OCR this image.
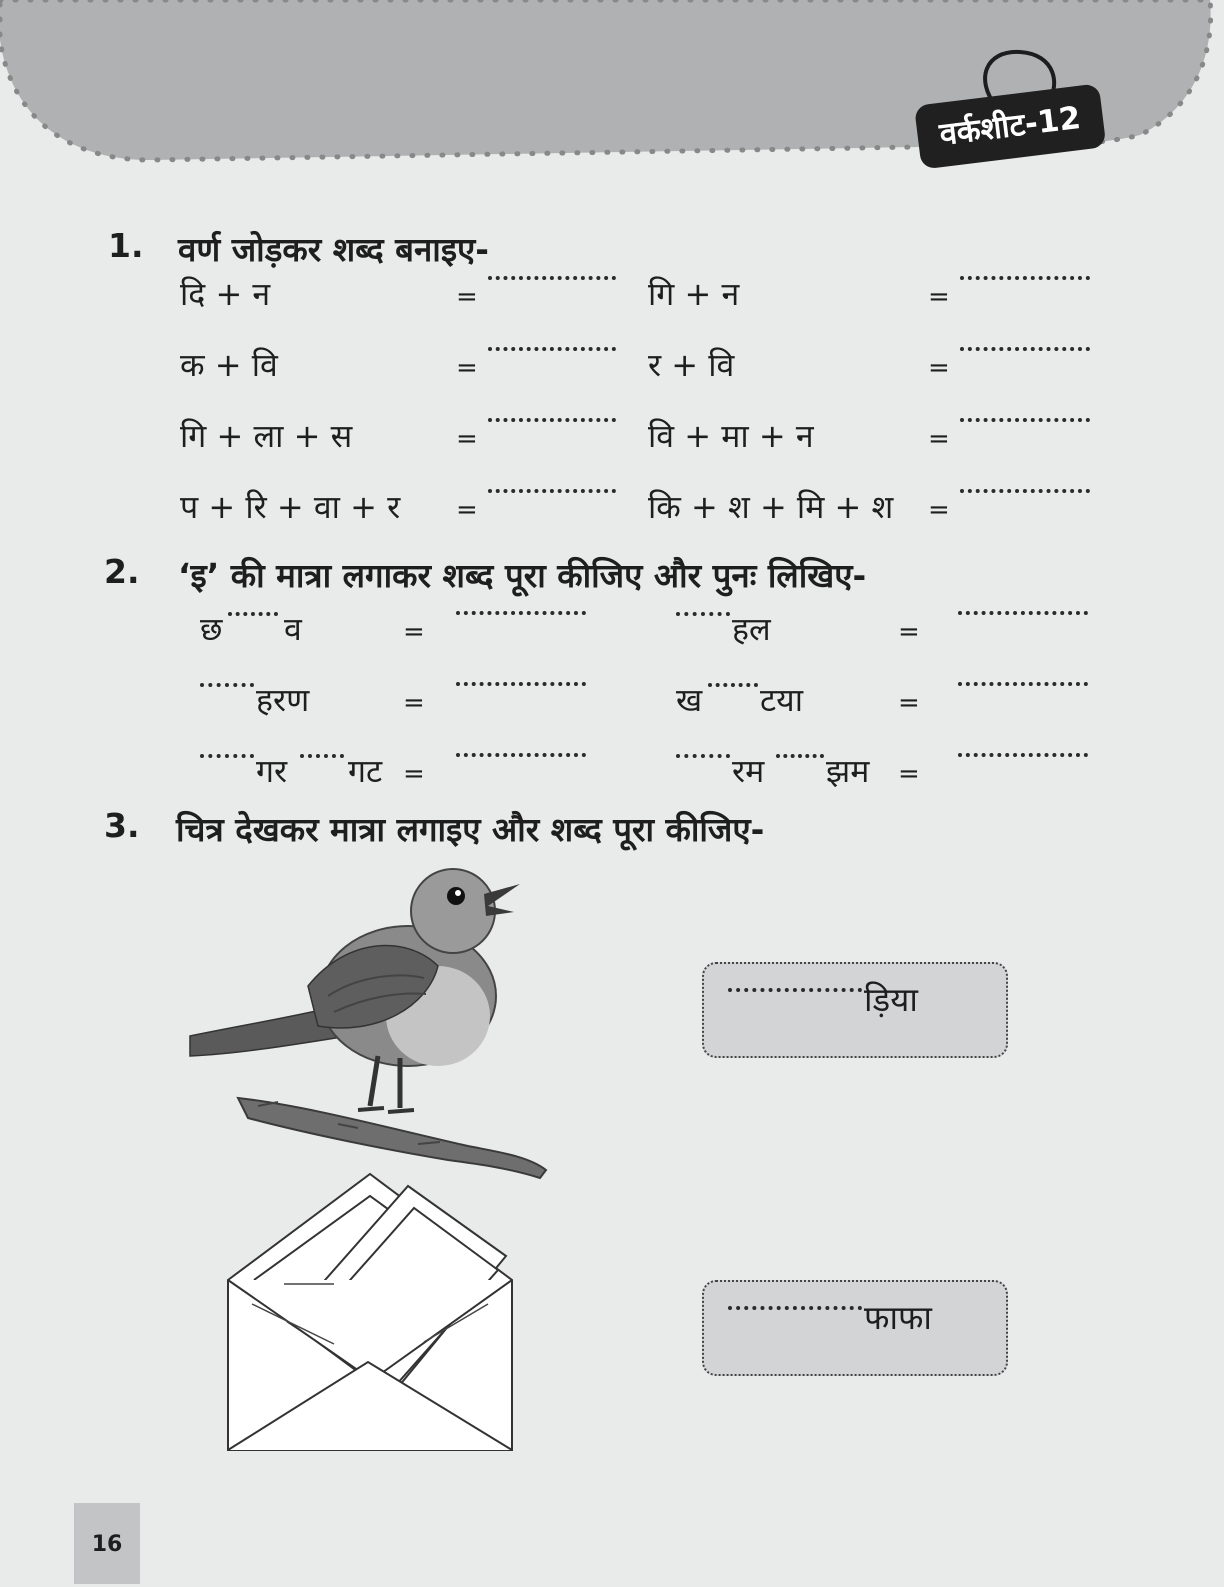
वर्कशीट-12
1. वर्ण जोड़कर शब्द बनाइए-
दि + न	=	गि + न	=
क + वि	=	र + वि	=
गि + ला + स	=	वि + मा + न	=
प + रि + वा + र =	कि + श + मि + श =
2. ‘इ’ की मात्रा लगाकर शब्द पूरा कीजिए और पुनः लिखिए-
छ व	=	हल	=
हरण	=	ख टया	=
गर गट =	रम झम =
3. चित्र देखकर मात्रा लगाइए और शब्द पूरा कीजिए-
ड़िया
फाफा
16
